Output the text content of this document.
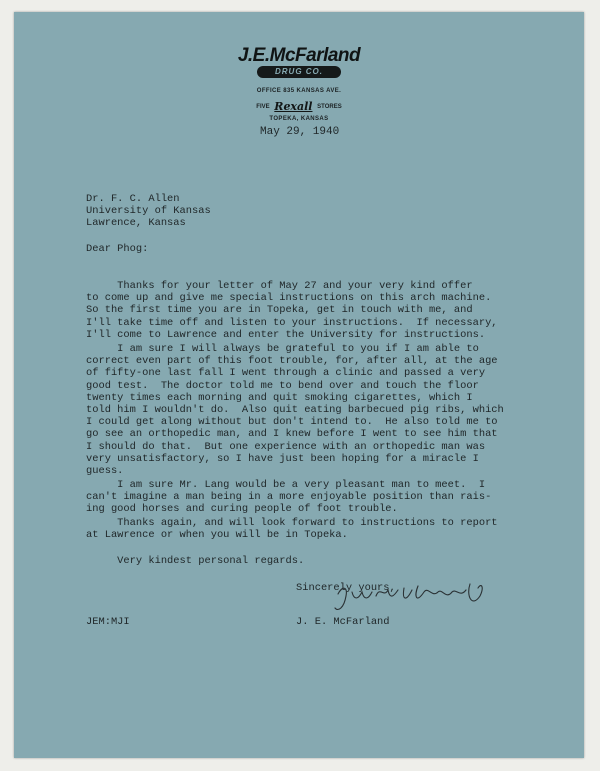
J.E.McFarland
DRUG CO.
OFFICE 835 KANSAS AVE.
FIVE Rexall STORES
TOPEKA, KANSAS
May 29, 1940
Dr. F. C. Allen
University of Kansas
Lawrence, Kansas
Dear Phog:
Thanks for your letter of May 27 and your very kind offer
to come up and give me special instructions on this arch machine.
So the first time you are in Topeka, get in touch with me, and
I'll take time off and listen to your instructions.  If necessary,
I'll come to Lawrence and enter the University for instructions.
I am sure I will always be grateful to you if I am able to
correct even part of this foot trouble, for, after all, at the age
of fifty-one last fall I went through a clinic and passed a very
good test.  The doctor told me to bend over and touch the floor
twenty times each morning and quit smoking cigarettes, which I
told him I wouldn't do.  Also quit eating barbecued pig ribs, which
I could get along without but don't intend to.  He also told me to
go see an orthopedic man, and I knew before I went to see him that
I should do that.  But one experience with an orthopedic man was
very unsatisfactory, so I have just been hoping for a miracle I
guess.
I am sure Mr. Lang would be a very pleasant man to meet.  I
can't imagine a man being in a more enjoyable position than rais-
ing good horses and curing people of foot trouble.
Thanks again, and will look forward to instructions to report
at Lawrence or when you will be in Topeka.
Very kindest personal regards.
Sincerely yours,
JEM:MJI	J. E. McFarland
